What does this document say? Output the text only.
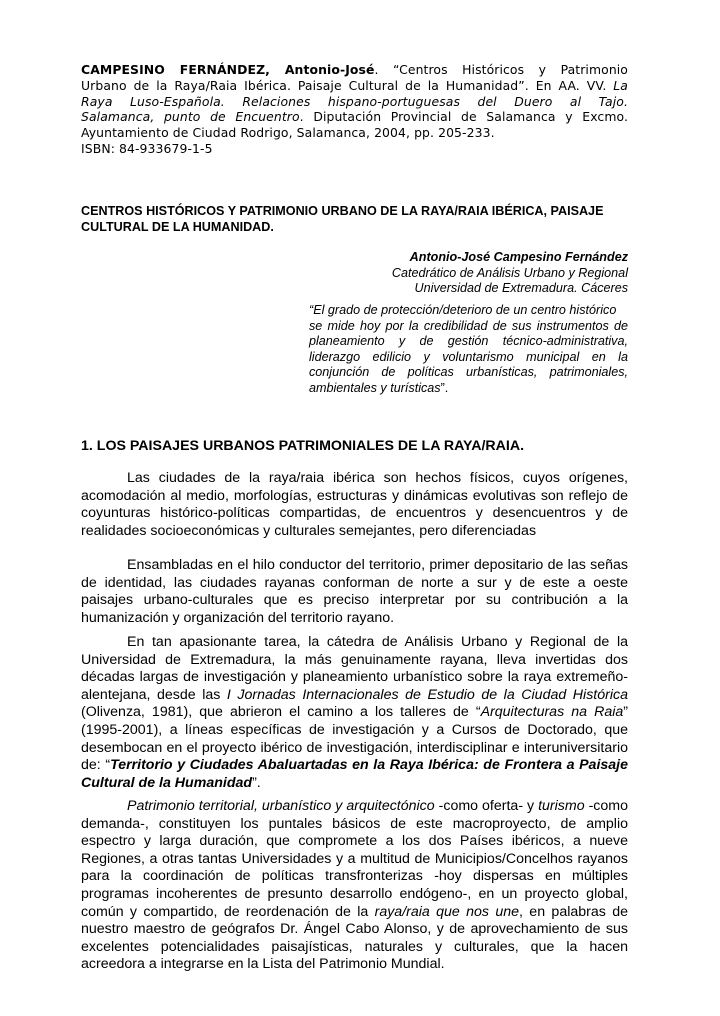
CAMPESINO FERNÁNDEZ, Antonio-José. “Centros Históricos y Patrimonio
Urbano de la Raya/Raia Ibérica. Paisaje Cultural de la Humanidad”. En AA. VV. La
Raya Luso-Española. Relaciones hispano-portuguesas del Duero al Tajo.
Salamanca, punto de Encuentro. Diputación Provincial de Salamanca y Excmo.
Ayuntamiento de Ciudad Rodrigo, Salamanca, 2004, pp. 205-233.
ISBN: 84-933679-1-5
CENTROS HISTÓRICOS Y PATRIMONIO URBANO DE LA RAYA/RAIA IBÉRICA, PAISAJE
CULTURAL DE LA HUMANIDAD.
Antonio-José Campesino Fernández
Catedrático de Análisis Urbano y Regional
Universidad de Extremadura. Cáceres
“El grado de protección/deterioro de un centro histórico
se mide hoy por la credibilidad de sus instrumentos de
planeamiento y de gestión técnico-administrativa,
liderazgo edilicio y voluntarismo municipal en la
conjunción de políticas urbanísticas, patrimoniales,
ambientales y turísticas”.
1. LOS PAISAJES URBANOS PATRIMONIALES DE LA RAYA/RAIA.
Las ciudades de la raya/raia ibérica son hechos físicos, cuyos orígenes,
acomodación al medio, morfologías, estructuras y dinámicas evolutivas son reflejo de
coyunturas histórico-políticas compartidas, de encuentros y desencuentros y de
realidades socioeconómicas y culturales semejantes, pero diferenciadas
Ensambladas en el hilo conductor del territorio, primer depositario de las señas
de identidad, las ciudades rayanas conforman de norte a sur y de este a oeste
paisajes urbano-culturales que es preciso interpretar por su contribución a la
humanización y organización del territorio rayano.
En tan apasionante tarea, la cátedra de Análisis Urbano y Regional de la
Universidad de Extremadura, la más genuinamente rayana, lleva invertidas dos
décadas largas de investigación y planeamiento urbanístico sobre la raya extremeño-
alentejana, desde las I Jornadas Internacionales de Estudio de la Ciudad Histórica
(Olivenza, 1981), que abrieron el camino a los talleres de “Arquitecturas na Raia”
(1995-2001), a líneas específicas de investigación y a Cursos de Doctorado, que
desembocan en el proyecto ibérico de investigación, interdisciplinar e interuniversitario
de: “Territorio y Ciudades Abaluartadas en la Raya Ibérica: de Frontera a Paisaje
Cultural de la Humanidad”.
Patrimonio territorial, urbanístico y arquitectónico -como oferta- y turismo -como
demanda-, constituyen los puntales básicos de este macroproyecto, de amplio
espectro y larga duración, que compromete a los dos Países ibéricos, a nueve
Regiones, a otras tantas Universidades y a multitud de Municipios/Concelhos rayanos
para la coordinación de políticas transfronterizas -hoy dispersas en múltiples
programas incoherentes de presunto desarrollo endógeno-, en un proyecto global,
común y compartido, de reordenación de la raya/raia que nos une, en palabras de
nuestro maestro de geógrafos Dr. Ángel Cabo Alonso, y de aprovechamiento de sus
excelentes potencialidades paisajísticas, naturales y culturales, que la hacen
acreedora a integrarse en la Lista del Patrimonio Mundial.
